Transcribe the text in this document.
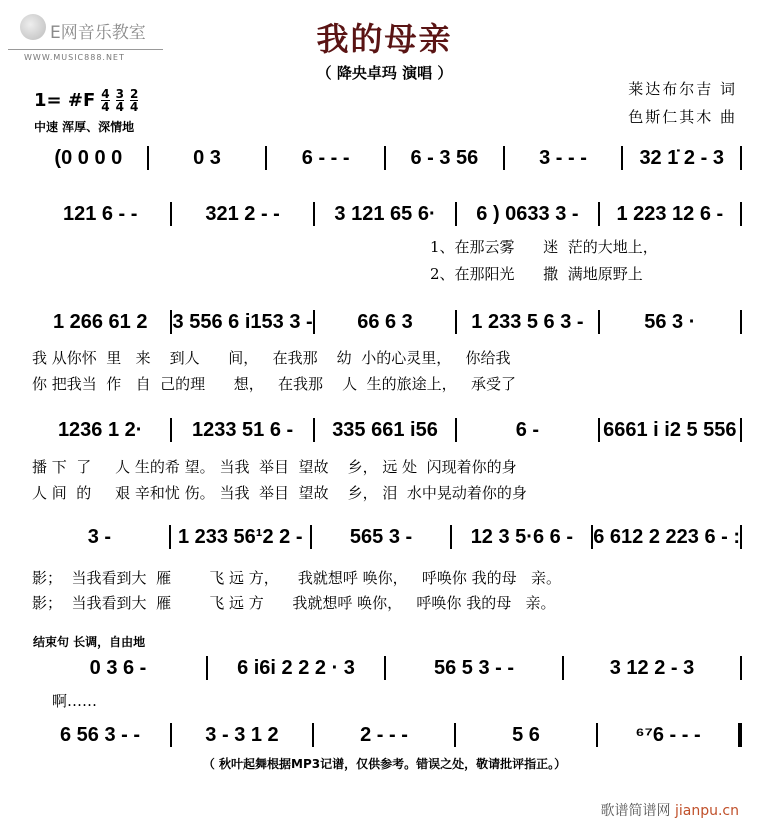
E网音乐教室
WWW.MUSIC888.NET	我的母亲
（ 降央卓玛 演唱 ）
莱达布尔吉 词
色斯仁其木 曲
1= #F $\frac{4}{4} \frac{3}{4} \frac{2}{4}$
中速 浑厚、深情地
(0 0 0 0	0 3	6 - - -	6 - 3 56	3 - - -	32 1̇ 2 - 3
121 6 - -	321 2 - -	3 121 65 6·	6 ) 0633 3 -	1 223 12 6 -
1、在那云雾      迷  茫的大地上，
2、在那阳光      撒  满地原野上
1 266 61 2	3 556 6 i153 3 -	66 6 3	1 233 5 6 3 -	56 3 ·
我 从你怀  里   来    到人      间，   在我那    幼  小的心灵里，   你给我
你 把我当  作   自  己的理      想，   在我那    人  生的旅途上，   承受了
1236 1 2·	1233 51 6 -	335 661 i56	6 -	6661 i i2 5 556
播 下  了     人 生的希 望。 当我  举目  望故    乡， 远 处  闪现着你的身
人 间  的     艰 辛和忧 伤。 当我  举目  望故    乡， 泪  水中晃动着你的身
3 -	1 233 56¹2 2 -	565 3 -	12 3 5·6 6 -	6 612 2 223 6 - :
影；  当我看到大  雁        飞 远 方，    我就想呼 唤你，   呼唤你 我的母   亲。
影；  当我看到大  雁        飞 远 方      我就想呼 唤你，   呼唤你 我的母   亲。
结束句 长调，自由地
0 3 6 -	6 i6i 2 2 2 · 3	56 5 3 - -	3 12 2 - 3
啊……
6 56 3 - -	3 - 3 1 2	2 - - -	5 6	⁶⁷6 - - -
（ 秋叶起舞根据MP3记谱，仅供参考。错误之处，敬请批评指正。）
歌谱简谱网 jianpu.cn
